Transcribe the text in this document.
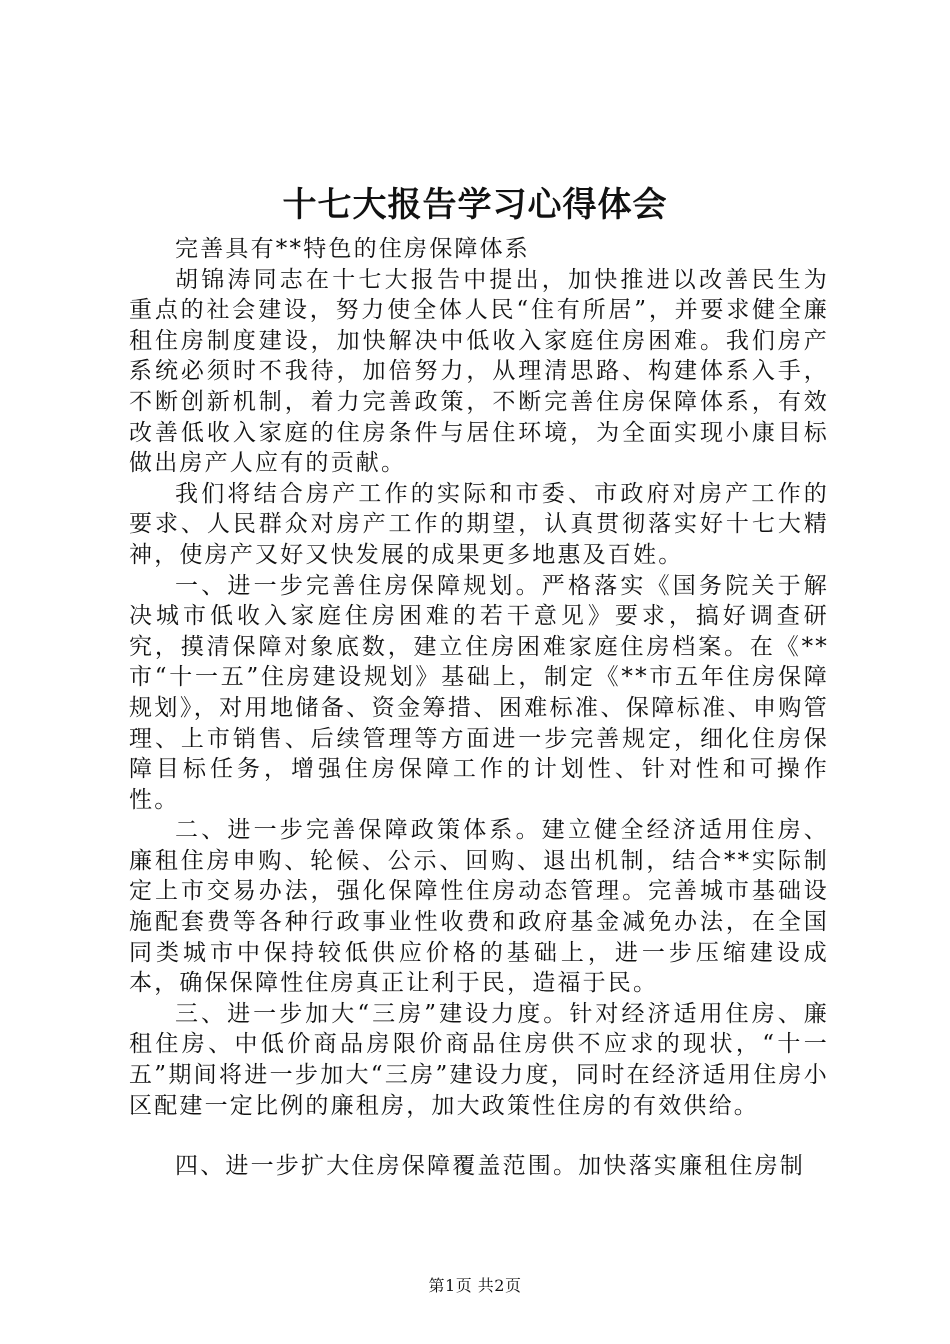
十七大报告学习心得体会

完善具有**特色的住房保障体系

胡锦涛同志在十七大报告中提出，加快推进以改善民生为重点的社会建设，努力使全体人民“住有所居”，并要求健全廉租住房制度建设，加快解决中低收入家庭住房困难。我们房产系统必须时不我待，加倍努力，从理清思路、构建体系入手，不断创新机制，着力完善政策，不断完善住房保障体系，有效改善低收入家庭的住房条件与居住环境，为全面实现小康目标做出房产人应有的贡献。

我们将结合房产工作的实际和市委、市政府对房产工作的要求、人民群众对房产工作的期望，认真贯彻落实好十七大精神，使房产又好又快发展的成果更多地惠及百姓。

一、进一步完善住房保障规划。严格落实《国务院关于解决城市低收入家庭住房困难的若干意见》要求，搞好调查研究，摸清保障对象底数，建立住房困难家庭住房档案。在《**市“十一五”住房建设规划》基础上，制定《**市五年住房保障规划》，对用地储备、资金筹措、困难标准、保障标准、申购管理、上市销售、后续管理等方面进一步完善规定，细化住房保障目标任务，增强住房保障工作的计划性、针对性和可操作性。

二、进一步完善保障政策体系。建立健全经济适用住房、廉租住房申购、轮候、公示、回购、退出机制，结合**实际制定上市交易办法，强化保障性住房动态管理。完善城市基础设施配套费等各种行政事业性收费和政府基金减免办法，在全国同类城市中保持较低供应价格的基础上，进一步压缩建设成本，确保保障性住房真正让利于民，造福于民。

三、进一步加大“三房”建设力度。针对经济适用住房、廉租住房、中低价商品房限价商品住房供不应求的现状，“十一五”期间将进一步加大“三房”建设力度，同时在经济适用住房小区配建一定比例的廉租房，加大政策性住房的有效供给。

四、进一步扩大住房保障覆盖范围。加快落实廉租住房制

第1页 共2页
